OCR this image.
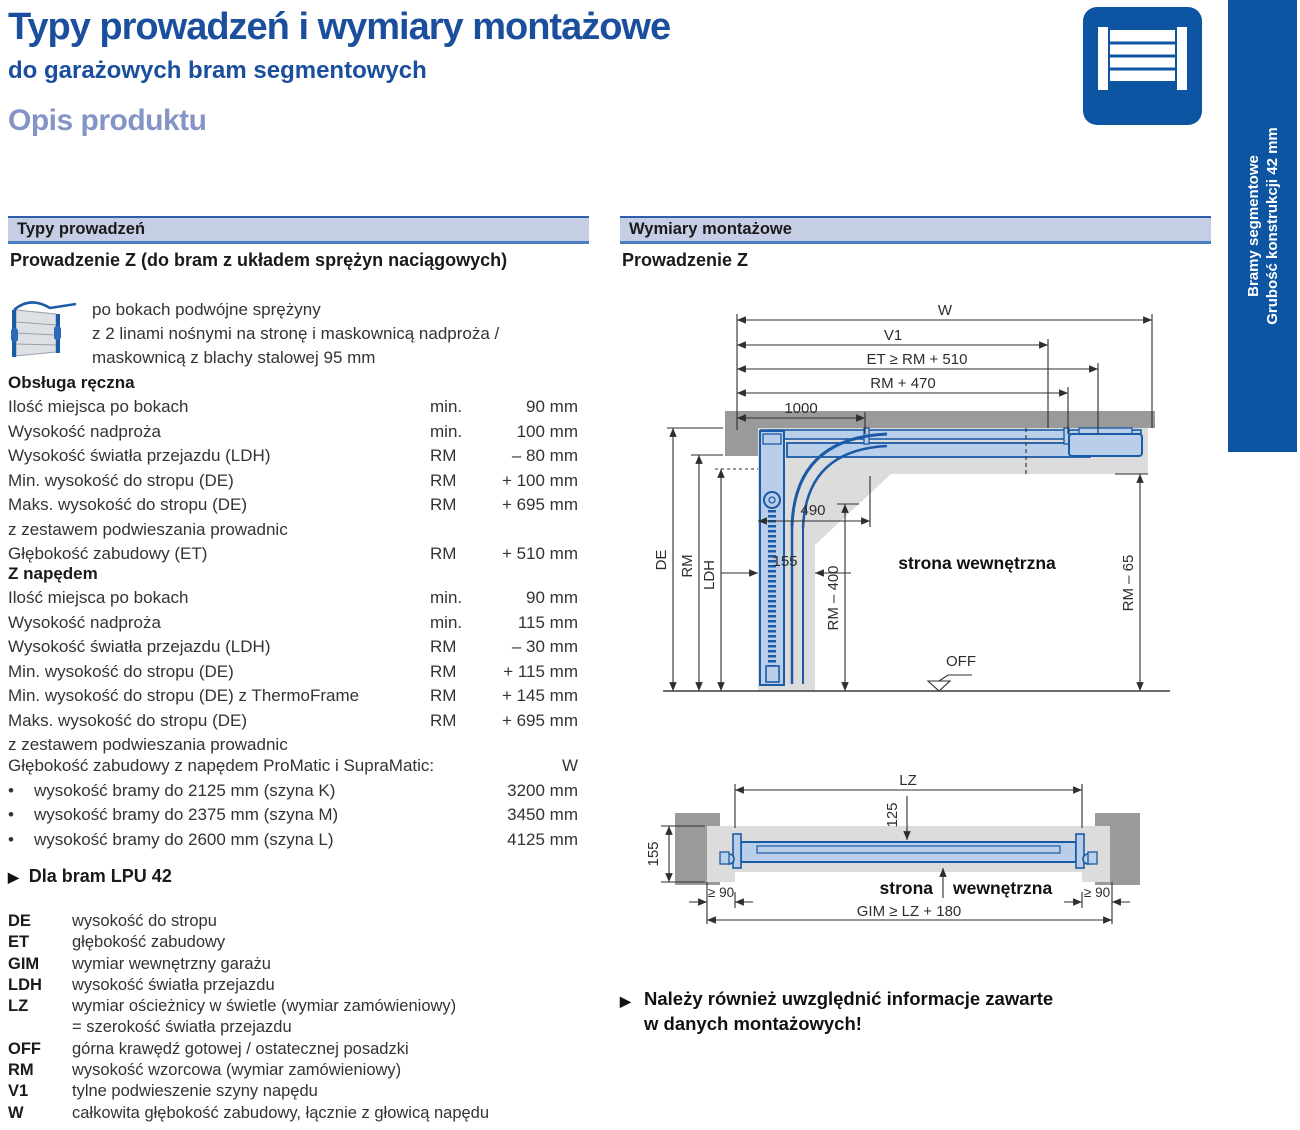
Typy prowadzeń i wymiary montażowe
do garażowych bram segmentowych
Opis produktu
Bramy segmentowe Grubość konstrukcji 42 mm
Typy prowadzeń
Prowadzenie Z (do bram z układem sprężyn naciągowych)
po bokach podwójne sprężyny
z 2 linami nośnymi na stronę i maskownicą nadproża /
maskownicą z blachy stalowej 95 mm
Obsługa ręczna
Ilość miejsca po bokach	min.	90 mm
Wysokość nadproża	min.	100 mm
Wysokość światła przejazdu (LDH)	RM	– 80 mm
Min. wysokość do stropu (DE)	RM	+ 100 mm
Maks. wysokość do stropu (DE)	RM	+ 695 mm
z zestawem podwieszania prowadnic
Głębokość zabudowy (ET)	RM	+ 510 mm
Z napędem
Ilość miejsca po bokach	min.	90 mm
Wysokość nadproża	min.	115 mm
Wysokość światła przejazdu (LDH)	RM	– 30 mm
Min. wysokość do stropu (DE)	RM	+ 115 mm
Min. wysokość do stropu (DE) z ThermoFrame	RM	+ 145 mm
Maks. wysokość do stropu (DE)	RM	+ 695 mm
z zestawem podwieszania prowadnic
Głębokość zabudowy z napędem ProMatic i SupraMatic:	W
•	wysokość bramy do 2125 mm (szyna K)	3200 mm
•	wysokość bramy do 2375 mm (szyna M)	3450 mm
•	wysokość bramy do 2600 mm (szyna L)	4125 mm
▶ Dla bram LPU 42
DE	wysokość do stropu
ET	głębokość zabudowy
GIM	wymiar wewnętrzny garażu
LDH	wysokość światła przejazdu
LZ	wymiar ościeżnicy w świetle (wymiar zamówieniowy)
= szerokość światła przejazdu
OFF	górna krawędź gotowej / ostatecznej posadzki
RM	wysokość wzorcowa (wymiar zamówieniowy)
V1	tylne podwieszenie szyny napędu
W	całkowita głębokość zabudowy, łącznie z głowicą napędu
Wymiary montażowe
Prowadzenie Z
W
V1
ET ≥ RM + 510
RM + 470
1000
DE RM LDH
490
155
RM – 400	RM – 65
OFF
strona wewnętrzna
LZ
125
155
≥ 90	≥ 90
GIM ≥ LZ + 180
strona wewnętrzna
▶ Należy również uwzględnić informacje zawarte
w danych montażowych!
